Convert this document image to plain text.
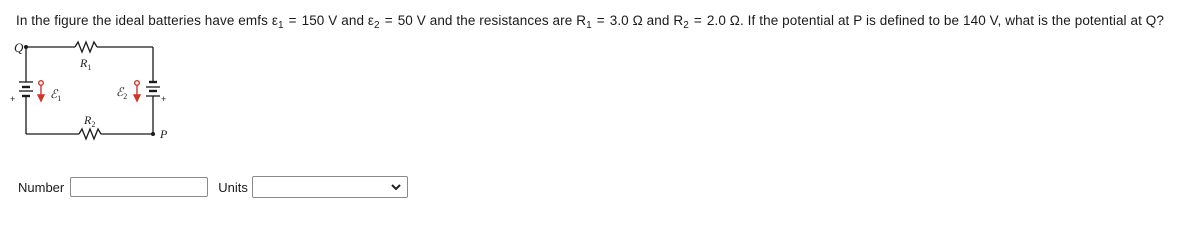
In the figure the ideal batteries have emfs $\varepsilon_1 = 150$ V and $\varepsilon_2 = 50$ V and the resistances are $R_1 = 3.0$ Ω and $R_2 = 2.0$ Ω. If the potential at P is defined to be 140 V, what is the potential at Q?
Q
P
$R_1$
$R_2$
ℰ$_1$	ℰ$_2$
+	+
Number	Units
